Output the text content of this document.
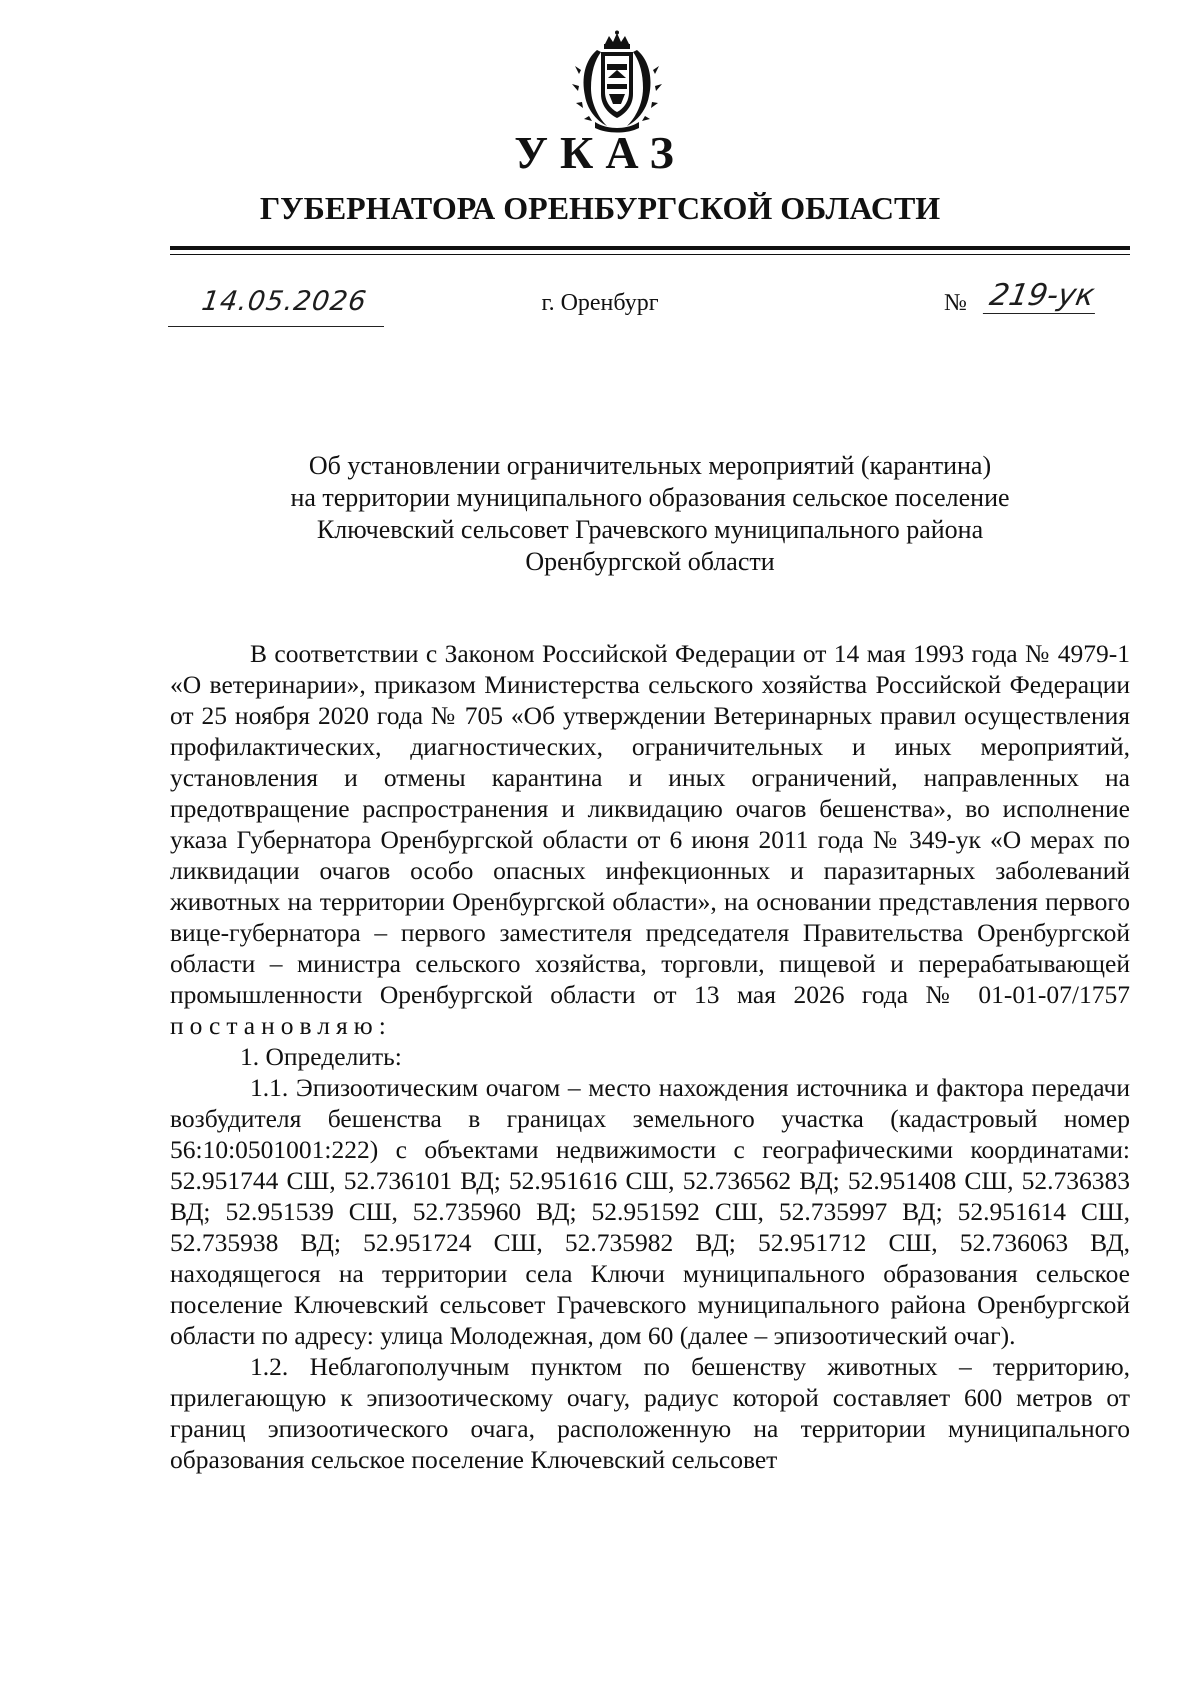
УКАЗ
ГУБЕРНАТОРА ОРЕНБУРГСКОЙ ОБЛАСТИ
14.05.2026	г. Оренбург	№ 219-ук
Об установлении ограничительных мероприятий (карантина)
на территории муниципального образования сельское поселение
Ключевский сельсовет Грачевского муниципального района
Оренбургской области

В соответствии с Законом Российской Федерации от 14 мая 1993 года № 4979-1 «О ветеринарии», приказом Министерства сельского хозяйства Российской Федерации от 25 ноября 2020 года № 705 «Об утверждении Ветеринарных правил осуществления профилактических, диагностических, ограничительных и иных мероприятий, установления и отмены карантина и иных ограничений, направленных на предотвращение распространения и ликвидацию очагов бешенства», во исполнение указа Губернатора Оренбургской области от 6 июня 2011 года № 349-ук «О мерах по ликвидации очагов особо опасных инфекционных и паразитарных заболеваний животных на территории Оренбургской области», на основании представления первого вице-губернатора – первого заместителя председателя Правительства Оренбургской области – министра сельского хозяйства, торговли, пищевой и перерабатывающей промышленности Оренбургской области от 13 мая 2026 года № 01-01-07/1757 постановляю:

1. Определить:

1.1. Эпизоотическим очагом – место нахождения источника и фактора передачи возбудителя бешенства в границах земельного участка (кадастровый номер 56:10:0501001:222) с объектами недвижимости с географическими координатами: 52.951744 СШ, 52.736101 ВД; 52.951616 СШ, 52.736562 ВД; 52.951408 СШ, 52.736383 ВД; 52.951539 СШ, 52.735960 ВД; 52.951592 СШ, 52.735997 ВД; 52.951614 СШ, 52.735938 ВД; 52.951724 СШ, 52.735982 ВД; 52.951712 СШ, 52.736063 ВД, находящегося на территории села Ключи муниципального образования сельское поселение Ключевский сельсовет Грачевского муниципального района Оренбургской области по адресу: улица Молодежная, дом 60 (далее – эпизоотический очаг).

1.2. Неблагополучным пунктом по бешенству животных – территорию, прилегающую к эпизоотическому очагу, радиус которой составляет 600 метров от границ эпизоотического очага, расположенную на территории муниципального образования сельское поселение Ключевский сельсовет
